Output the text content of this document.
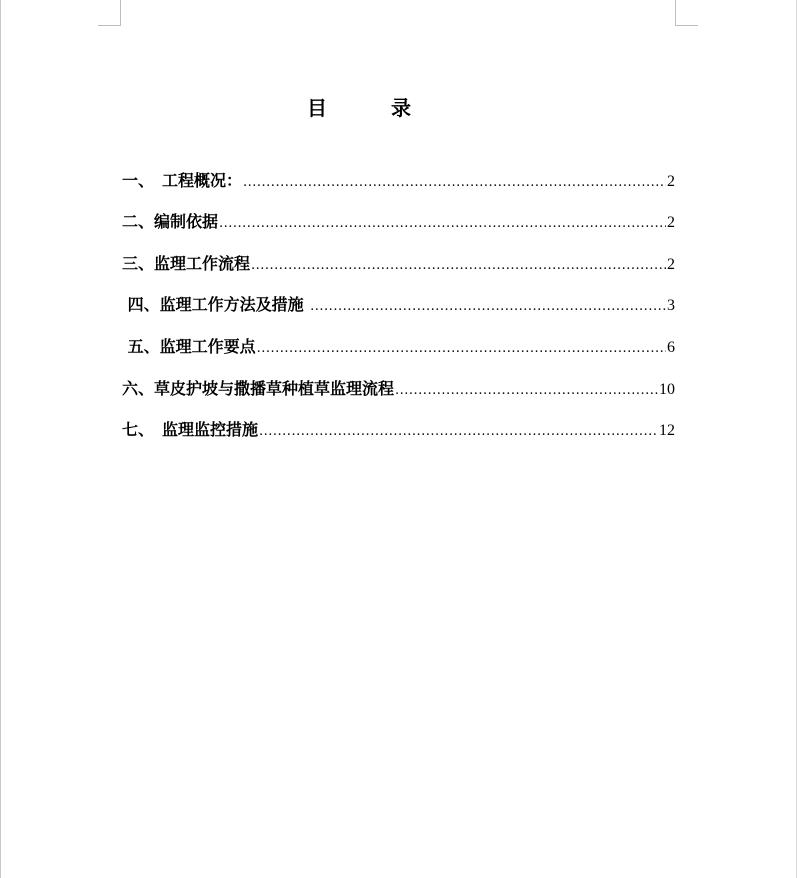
目　录
一、　工程概况： .....	2
二、编制依据 .....	2
三、监理工作流程 .....	2
四、监理工作方法及措施 .....	3
五、监理工作要点 .....	6
六、草皮护坡与撒播草种植草监理流程 .....	10
七、　监理监控措施 .....	12
